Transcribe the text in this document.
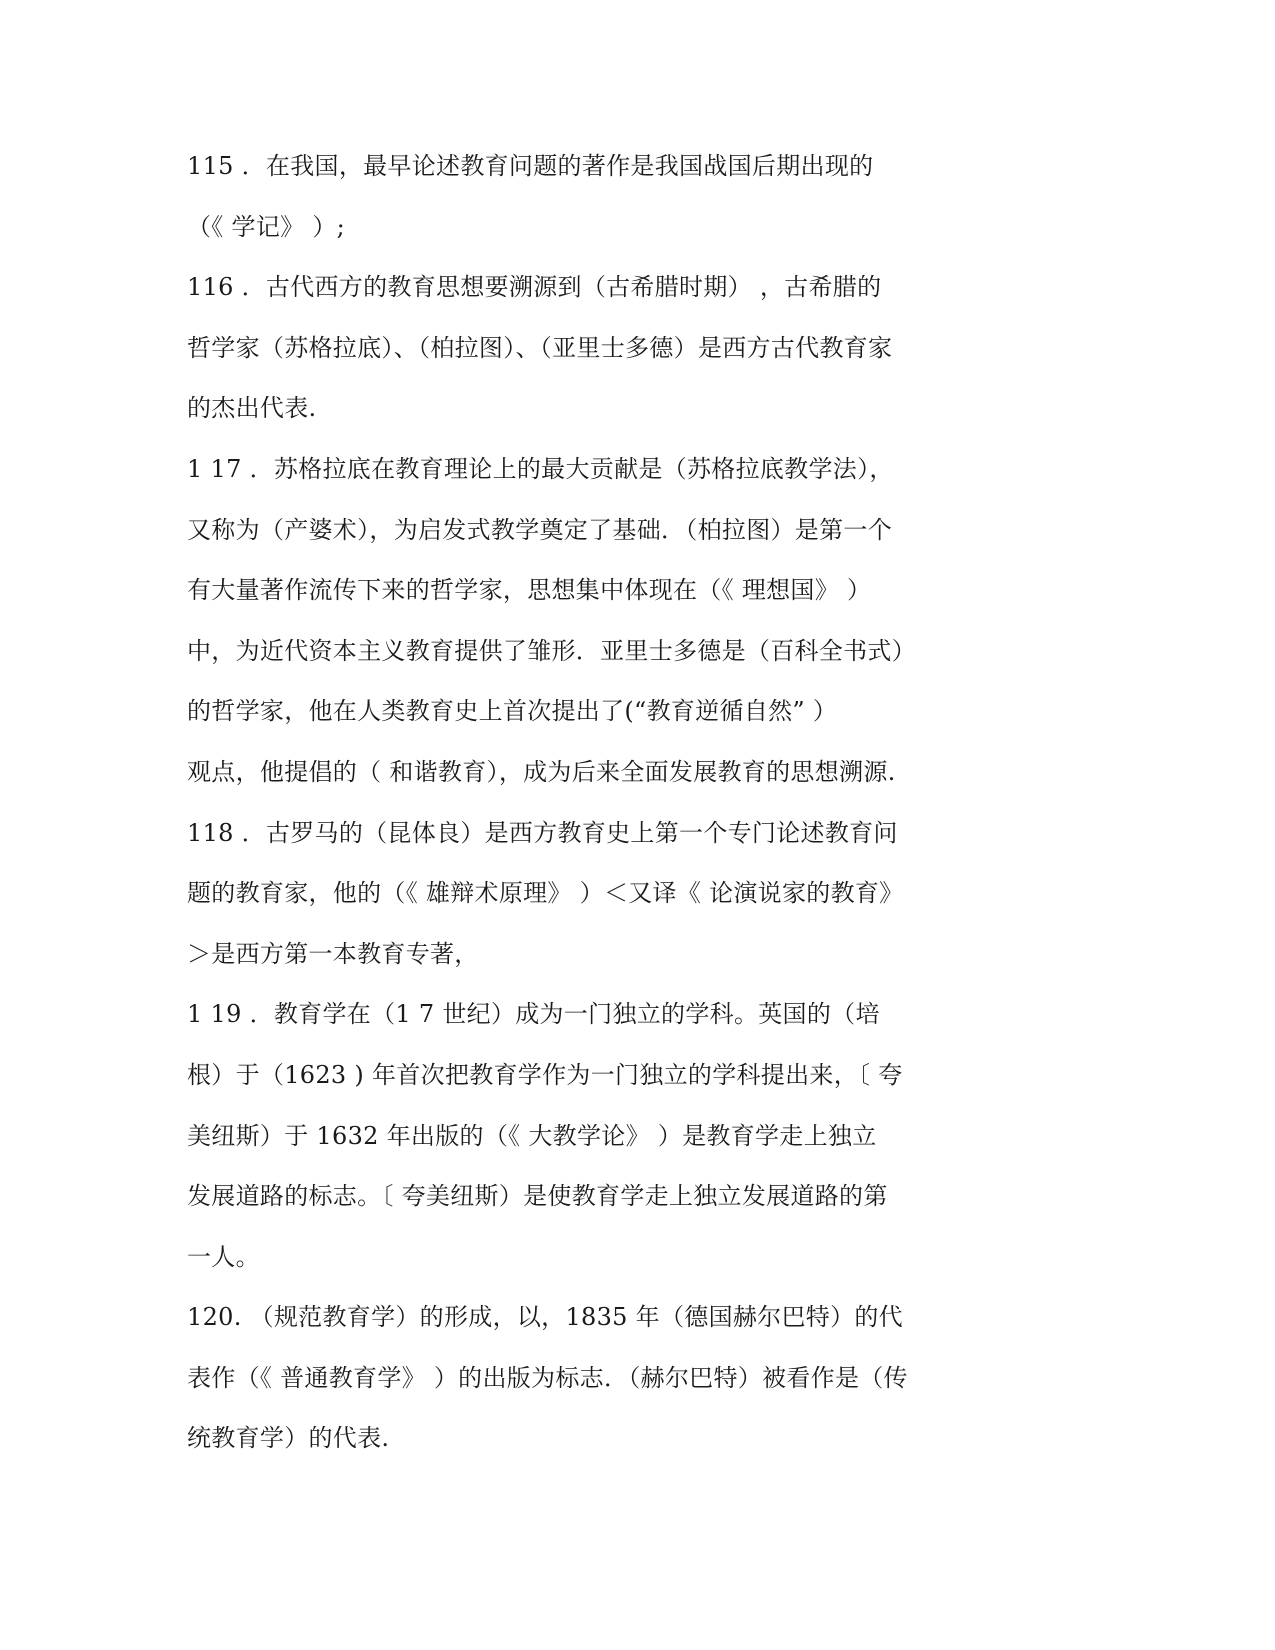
115 ．在我国，最早论述教育问题的著作是我国战国后期出现的
（《 学记》 ）;
116 ．古代西方的教育思想要溯源到（古希腊时期） ，古希腊的
哲学家（苏格拉底）、（柏拉图）、（亚里士多德）是西方古代教育家
的杰出代表.
1 17 ．苏格拉底在教育理论上的最大贡献是（苏格拉底教学法），
又称为（产婆术），为启发式教学奠定了基础．（柏拉图）是第一个
有大量著作流传下来的哲学家，思想集中体现在（《 理想国》 ）
中，为近代资本主义教育提供了雏形．亚里士多德是（百科全书式）
的哲学家，他在人类教育史上首次提出了(“教育逆循自然” ）
观点，他提倡的（ 和谐教育），成为后来全面发展教育的思想溯源.
118 ．古罗马的（昆体良）是西方教育史上第一个专门论述教育问
题的教育家，他的（《 雄辩术原理》 ）＜又译《 论演说家的教育》
＞是西方第一本教育专著，
1 19 ．教育学在（1 7 世纪）成为一门独立的学科。英国的（培
根）于（1623 ) 年首次把教育学作为一门独立的学科提出来，〔 夸
美纽斯）于 1632 年出版的（《 大教学论》 ）是教育学走上独立
发展道路的标志。〔 夸美纽斯）是使教育学走上独立发展道路的第
一人。
120. （规范教育学）的形成，以，1835 年（德国赫尔巴特）的代
表作（《 普通教育学》 ）的出版为标志．（赫尔巴特）被看作是（传
统教育学）的代表.
